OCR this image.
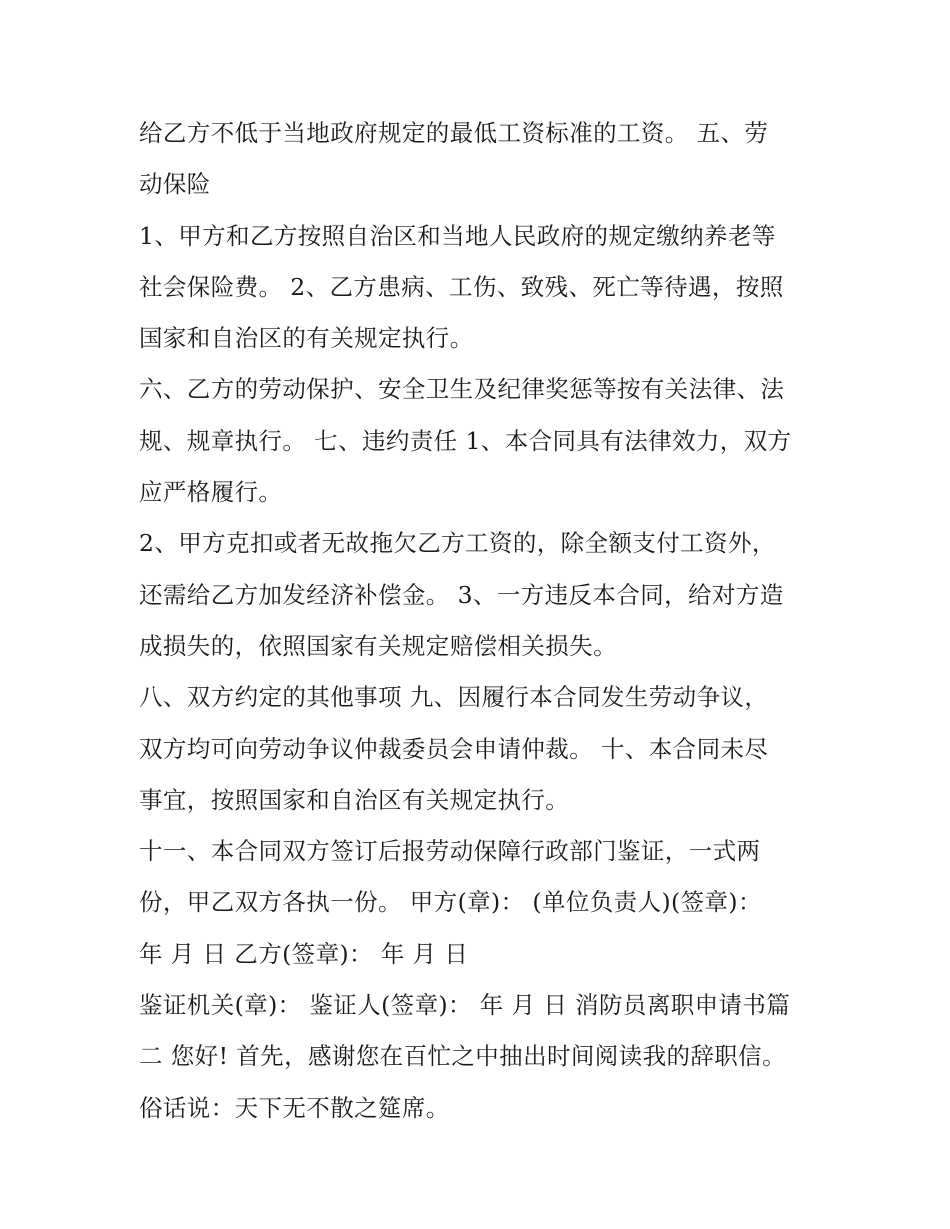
给乙方不低于当地政府规定的最低工资标准的工资。 五、劳
动保险
1、甲方和乙方按照自治区和当地人民政府的规定缴纳养老等
社会保险费。 2、乙方患病、工伤、致残、死亡等待遇，按照
国家和自治区的有关规定执行。
六、乙方的劳动保护、安全卫生及纪律奖惩等按有关法律、法
规、规章执行。 七、违约责任 1、本合同具有法律效力，双方
应严格履行。
2、甲方克扣或者无故拖欠乙方工资的，除全额支付工资外，
还需给乙方加发经济补偿金。 3、一方违反本合同，给对方造
成损失的，依照国家有关规定赔偿相关损失。
八、双方约定的其他事项 九、因履行本合同发生劳动争议，
双方均可向劳动争议仲裁委员会申请仲裁。 十、本合同未尽
事宜，按照国家和自治区有关规定执行。
十一、本合同双方签订后报劳动保障行政部门鉴证，一式两
份，甲乙双方各执一份。 甲方(章)： (单位负责人)(签章)：
年 月 日 乙方(签章)： 年 月 日
鉴证机关(章)： 鉴证人(签章)： 年 月 日 消防员离职申请书篇
二 您好! 首先，感谢您在百忙之中抽出时间阅读我的辞职信。
俗话说：天下无不散之筵席。
